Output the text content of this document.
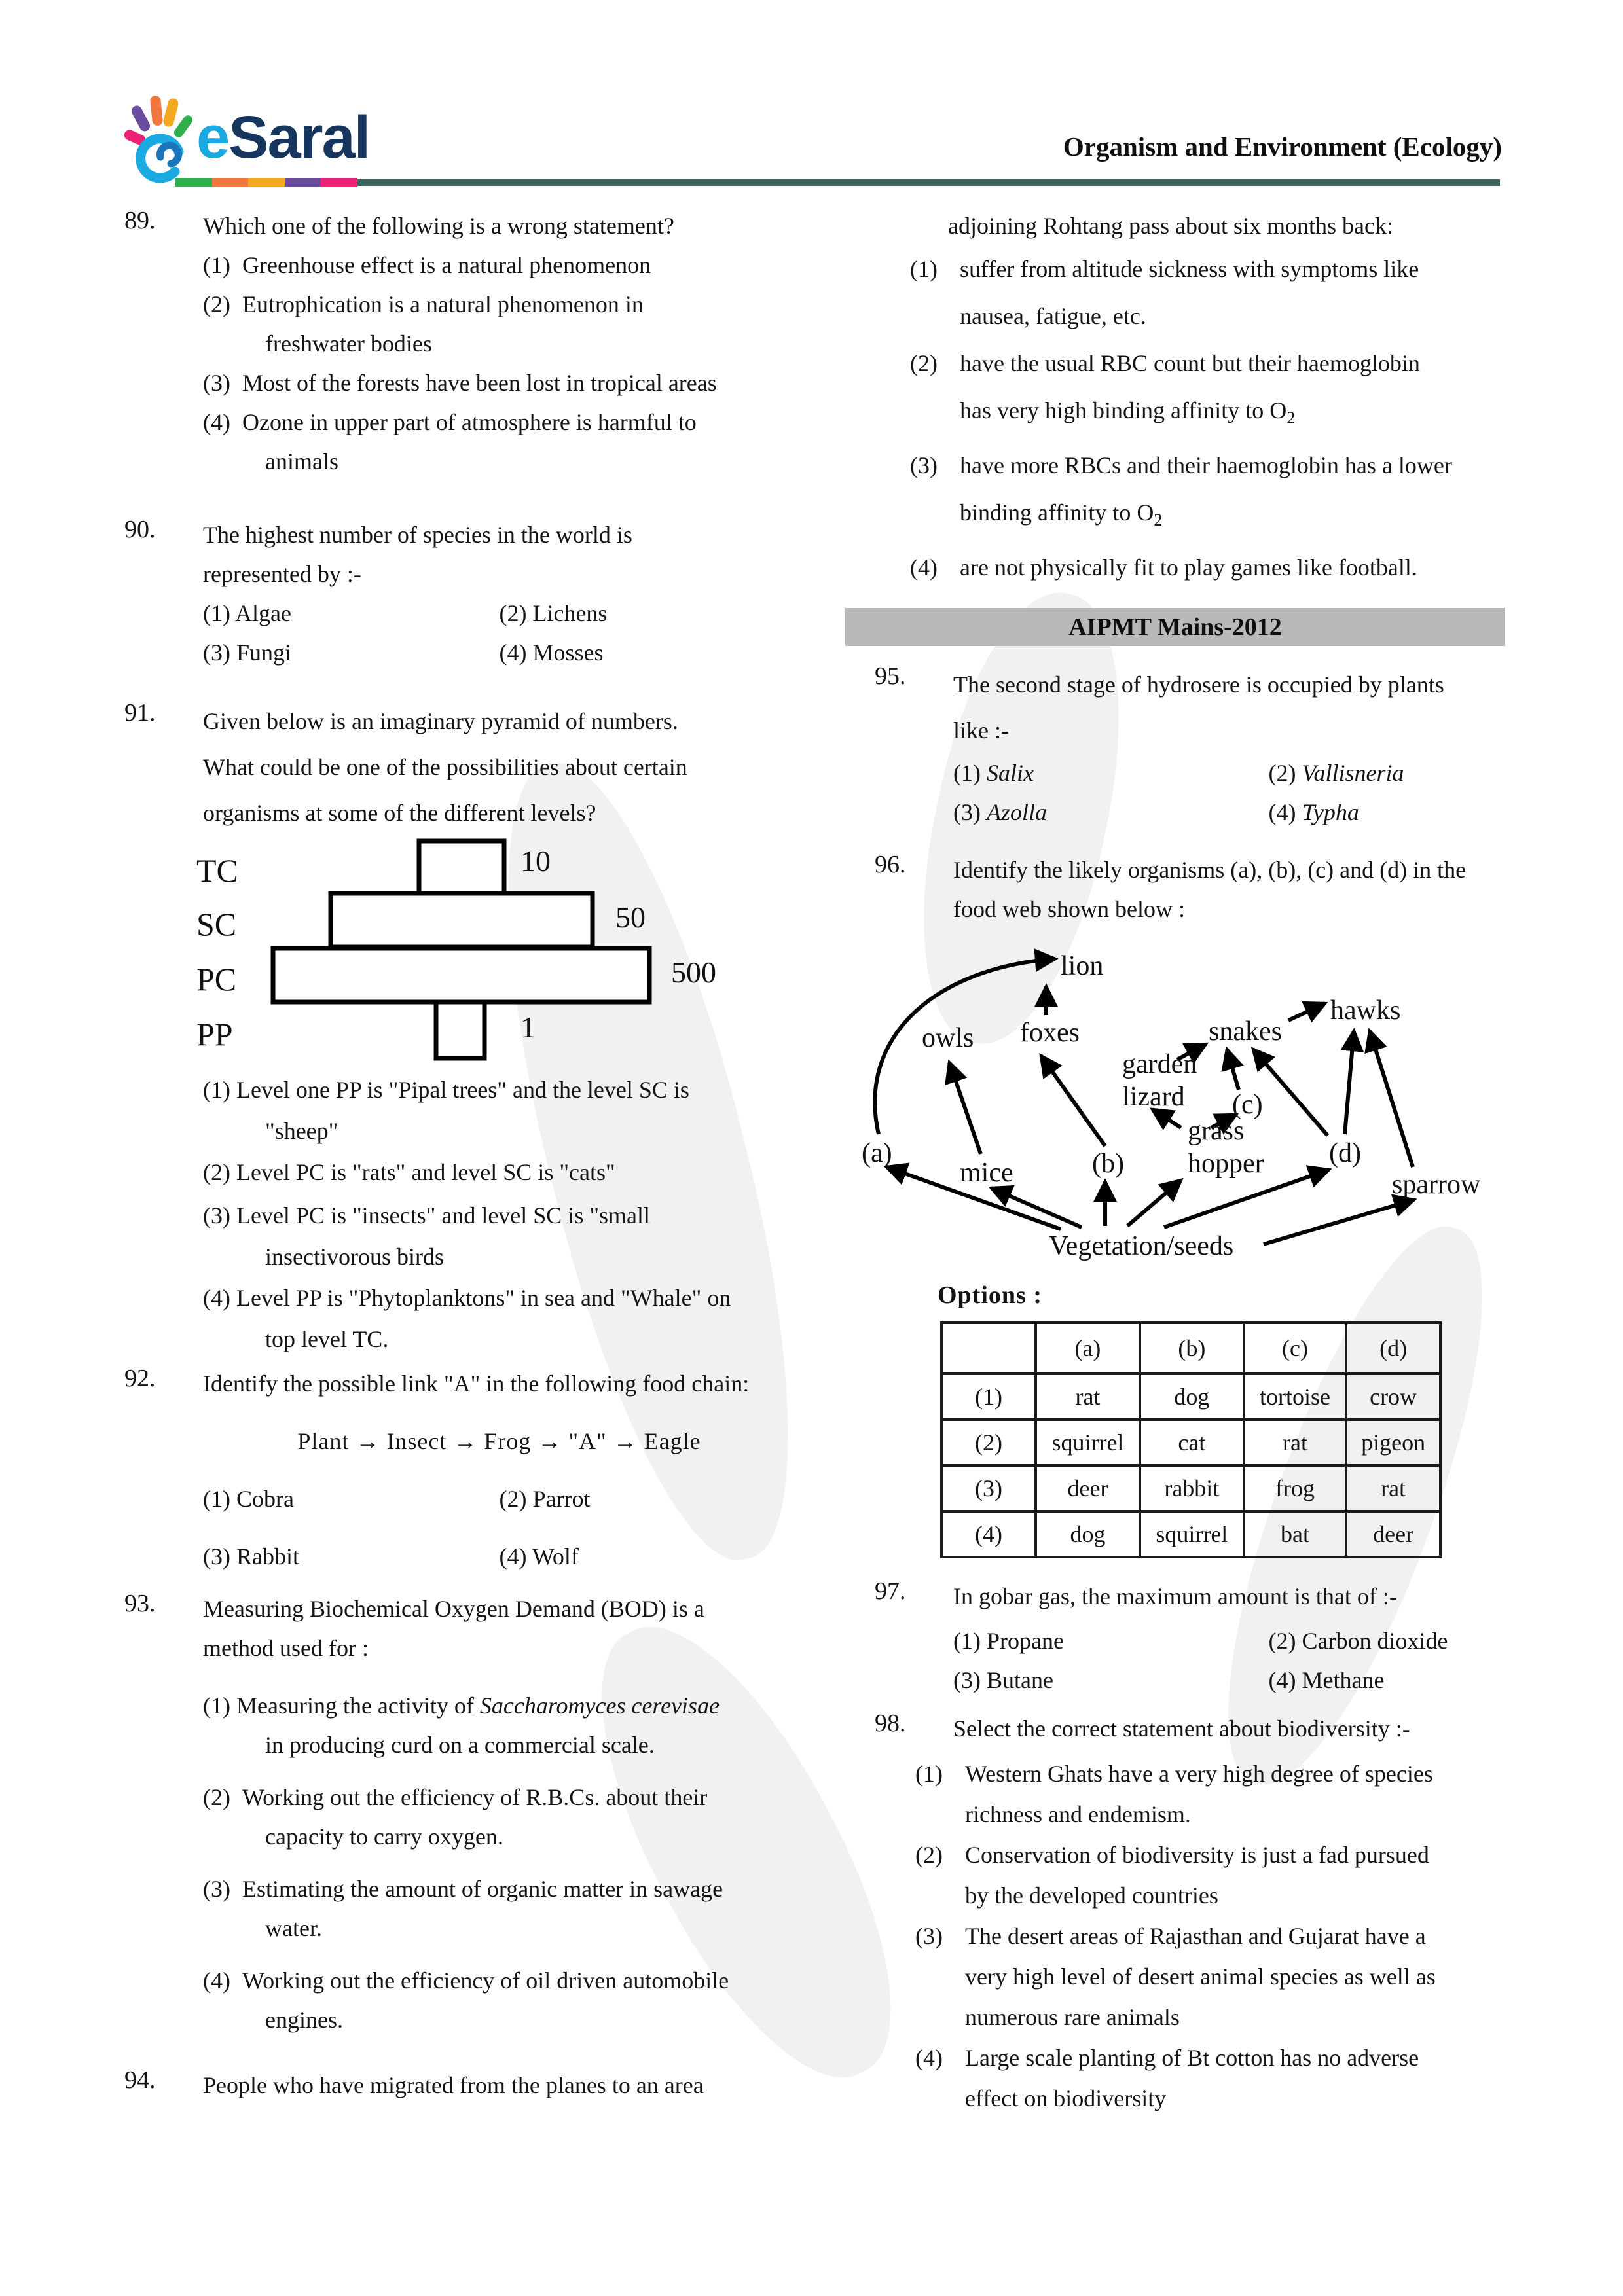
eSaral	Organism and Environment (Ecology)
89.	Which one of the following is a wrong statement?
(1) Greenhouse effect is a natural phenomenon
(2) Eutrophication is a natural phenomenon in
freshwater bodies
(3) Most of the forests have been lost in tropical areas
(4) Ozone in upper part of atmosphere is harmful to
animals
90.	The highest number of species in the world is
represented by :-
(1) Algae	(2) Lichens
(3) Fungi	(4) Mosses
91.	Given below is an imaginary pyramid of numbers.
What could be one of the possibilities about certain
organisms at some of the different levels?
TC
SC
PC
PP
10
50
500
1
(1) Level one PP is "Pipal trees" and the level SC is
"sheep"
(2) Level PC is "rats" and level SC is "cats"
(3) Level PC is "insects" and level SC is "small
insectivorous birds
(4) Level PP is "Phytoplanktons" in sea and "Whale" on
top level TC.
92.	Identify the possible link "A" in the following food chain:
Plant → Insect → Frog → "A" → Eagle
(1) Cobra	(2) Parrot
(3) Rabbit	(4) Wolf
93.	Measuring Biochemical Oxygen Demand (BOD) is a
method used for :
(1) Measuring the activity of Saccharomyces cerevisae
in producing curd on a commercial scale.
(2) Working out the efficiency of R.B.Cs. about their
capacity to carry oxygen.
(3) Estimating the amount of organic matter in sawage
water.
(4) Working out the efficiency of oil driven automobile
engines.
94.	People who have migrated from the planes to an area
adjoining Rohtang pass about six months back:
(1) suffer from altitude sickness with symptoms like
nausea, fatigue, etc.
(2) have the usual RBC count but their haemoglobin
has very high binding affinity to $O_2$
(3) have more RBCs and their haemoglobin has a lower
binding affinity to $O_2$
(4) are not physically fit to play games like football.
AIPMT Mains-2012
95.	The second stage of hydrosere is occupied by plants
like :-
(1) Salix	(2) Vallisneria
(3) Azolla	(4) Typha
96.	Identify the likely organisms (a), (b), (c) and (d) in the
food web shown below :
lion
owls foxes
garden
lizard
snakes
hawks
(c)
grass
hopper
(a)
mice	(b)	(d)
sparrow
Vegetation/seeds
Options :
	(a)	(b)	(c)	(d)
(1)	rat	dog	tortoise	crow
(2)	squirrel	cat	rat	pigeon
(3)	deer	rabbit	frog	rat
(4)	dog	squirrel	bat	deer
97.	In gobar gas, the maximum amount is that of :-
(1) Propane	(2) Carbon dioxide
(3) Butane	(4) Methane
98.	Select the correct statement about biodiversity :-
(1) Western Ghats have a very high degree of species
richness and endemism.
(2) Conservation of biodiversity is just a fad pursued
by the developed countries
(3) The desert areas of Rajasthan and Gujarat have a
very high level of desert animal species as well as
numerous rare animals
(4) Large scale planting of Bt cotton has no adverse
effect on biodiversity
